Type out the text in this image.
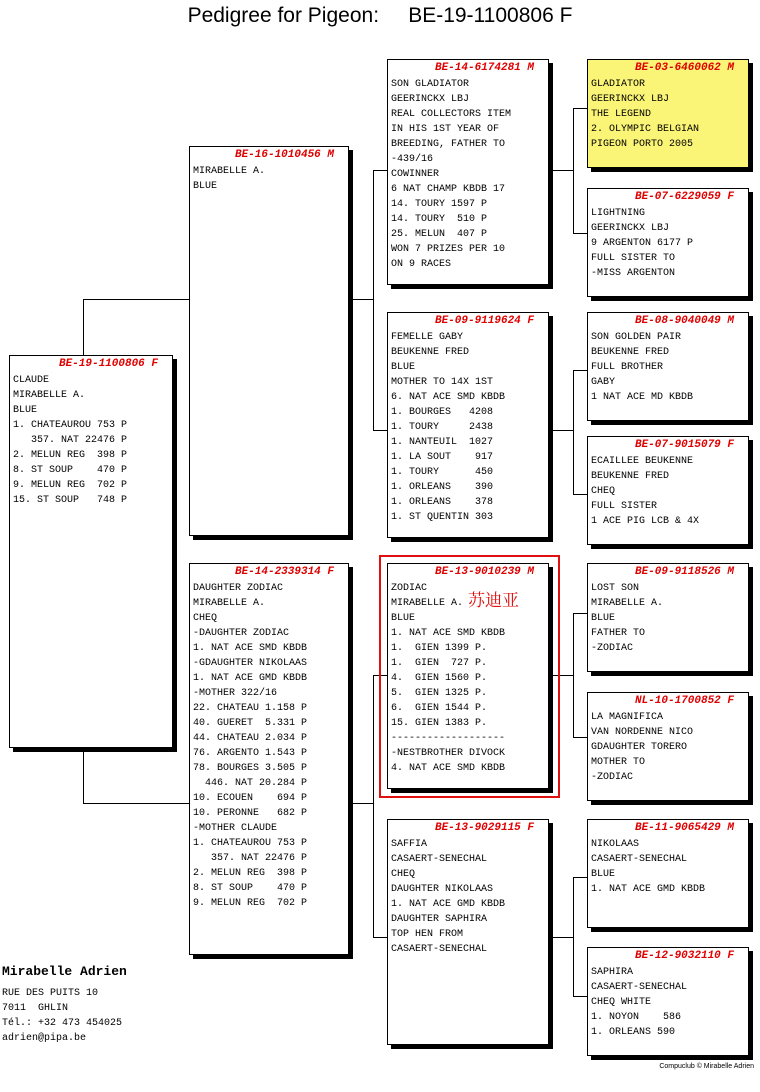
Pedigree for Pigeon:     BE-19-1100806 F
BE-19-1100806 F
CLAUDE
MIRABELLE A.
BLUE
1. CHATEAUROU 753 P
357. NAT 22476 P
2. MELUN REG  398 P
8. ST SOUP    470 P
9. MELUN REG  702 P
15. ST SOUP   748 P
BE-16-1010456 M
MIRABELLE A.
BLUE
BE-14-2339314 F
DAUGHTER ZODIAC
MIRABELLE A.
CHEQ
-DAUGHTER ZODIAC
1. NAT ACE SMD KBDB
-GDAUGHTER NIKOLAAS
1. NAT ACE GMD KBDB
-MOTHER 322/16
22. CHATEAU 1.158 P
40. GUERET  5.331 P
44. CHATEAU 2.034 P
76. ARGENTO 1.543 P
78. BOURGES 3.505 P
446. NAT 20.284 P
10. ECOUEN    694 P
10. PERONNE   682 P
-MOTHER CLAUDE
1. CHATEAUROU 753 P
357. NAT 22476 P
2. MELUN REG  398 P
8. ST SOUP    470 P
9. MELUN REG  702 P
BE-14-6174281 M
SON GLADIATOR
GEERINCKX LBJ
REAL COLLECTORS ITEM
IN HIS 1ST YEAR OF
BREEDING, FATHER TO
-439/16
COWINNER
6 NAT CHAMP KBDB 17
14. TOURY 1597 P
14. TOURY  510 P
25. MELUN  407 P
WON 7 PRIZES PER 10
ON 9 RACES
BE-09-9119624 F
FEMELLE GABY
BEUKENNE FRED
BLUE
MOTHER TO 14X 1ST
6. NAT ACE SMD KBDB
1. BOURGES   4208
1. TOURY     2438
1. NANTEUIL  1027
1. LA SOUT    917
1. TOURY      450
1. ORLEANS    390
1. ORLEANS    378
1. ST QUENTIN 303
BE-13-9010239 M
ZODIAC
MIRABELLE A.
BLUE
1. NAT ACE SMD KBDB
1.  GIEN 1399 P.
1.  GIEN  727 P.
4.  GIEN 1560 P.
5.  GIEN 1325 P.
6.  GIEN 1544 P.
15. GIEN 1383 P.
-------------------
-NESTBROTHER DIVOCK
4. NAT ACE SMD KBDB
BE-13-9029115 F
SAFFIA
CASAERT-SENECHAL
CHEQ
DAUGHTER NIKOLAAS
1. NAT ACE GMD KBDB
DAUGHTER SAPHIRA
TOP HEN FROM
CASAERT-SENECHAL
BE-03-6460062 M
GLADIATOR
GEERINCKX LBJ
THE LEGEND
2. OLYMPIC BELGIAN
PIGEON PORTO 2005
BE-07-6229059 F
LIGHTNING
GEERINCKX LBJ
9 ARGENTON 6177 P
FULL SISTER TO
-MISS ARGENTON
BE-08-9040049 M
SON GOLDEN PAIR
BEUKENNE FRED
FULL BROTHER
GABY
1 NAT ACE MD KBDB
BE-07-9015079 F
ECAILLEE BEUKENNE
BEUKENNE FRED
CHEQ
FULL SISTER
1 ACE PIG LCB & 4X
BE-09-9118526 M
LOST SON
MIRABELLE A.
BLUE
FATHER TO
-ZODIAC
NL-10-1700852 F
LA MAGNIFICA
VAN NORDENNE NICO
GDAUGHTER TORERO
MOTHER TO
-ZODIAC
BE-11-9065429 M
NIKOLAAS
CASAERT-SENECHAL
BLUE
1. NAT ACE GMD KBDB
BE-12-9032110 F
SAPHIRA
CASAERT-SENECHAL
CHEQ WHITE
1. NOYON    586
1. ORLEANS 590
苏迪亚
Mirabelle Adrien
RUE DES PUITS 10
7011  GHLIN
Tél.: +32 473 454025
adrien@pipa.be
Compuclub © Mirabelle Adrien
